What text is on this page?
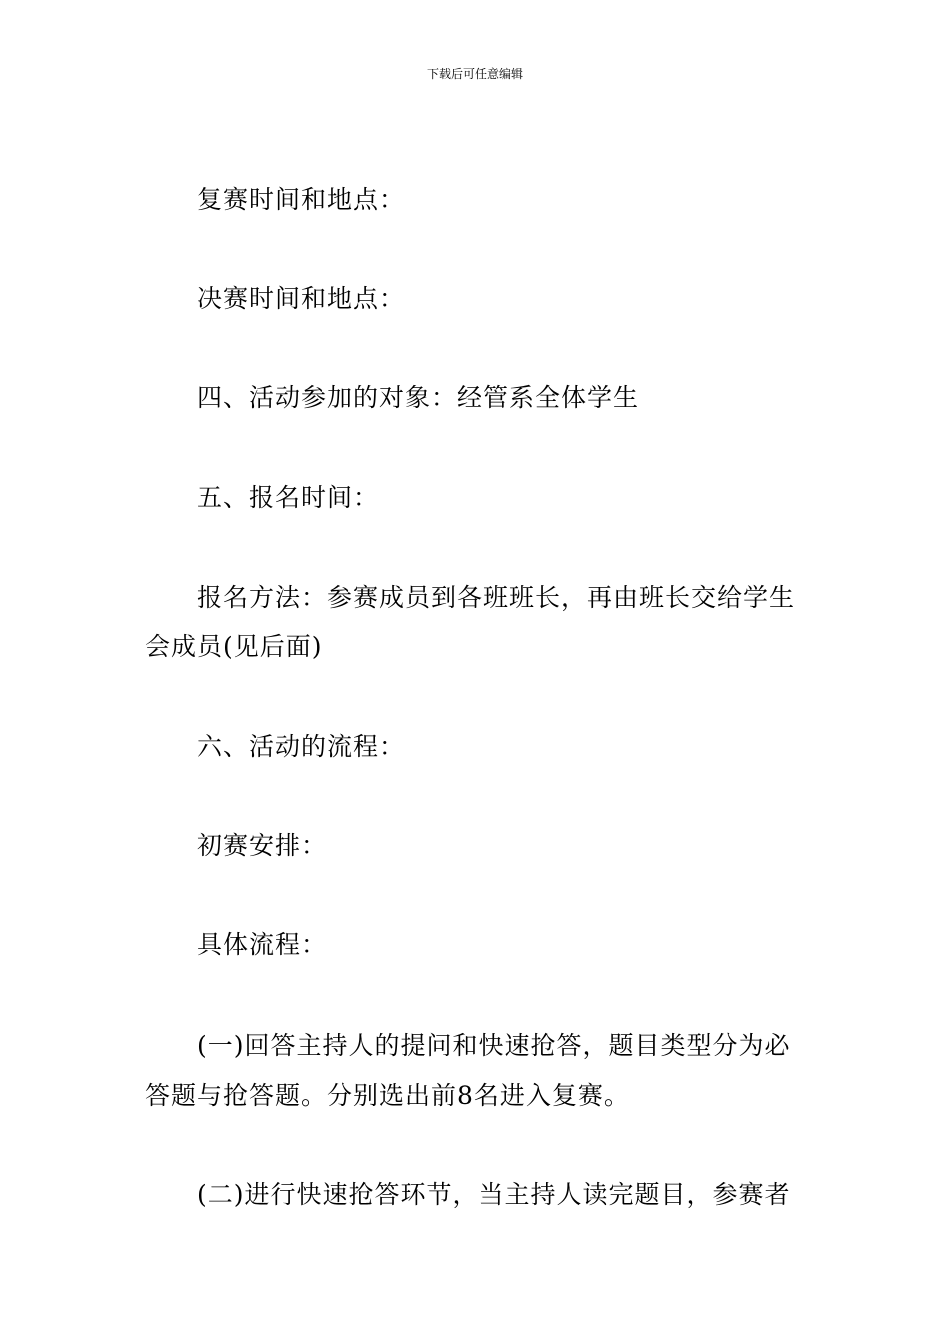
下载后可任意编辑
复赛时间和地点：
决赛时间和地点：
四、活动参加的对象：经管系全体学生
五、报名时间：
报名方法：参赛成员到各班班长，再由班长交给学生
会成员(见后面)
六、活动的流程：
初赛安排：
具体流程：
(一)回答主持人的提问和快速抢答，题目类型分为必
答题与抢答题。分别选出前8名进入复赛。
(二)进行快速抢答环节，当主持人读完题目，参赛者
